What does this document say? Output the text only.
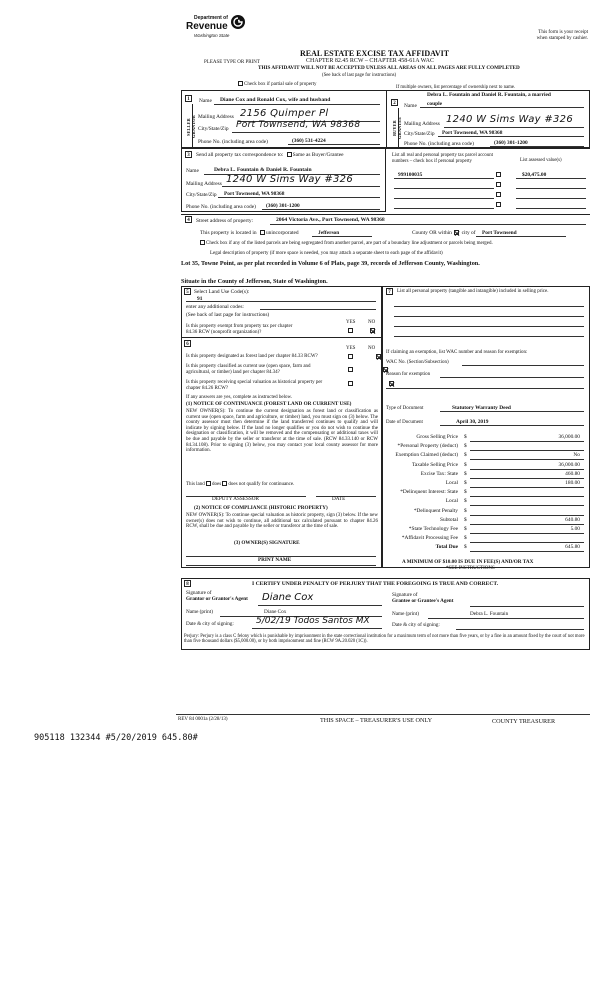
Department of
Revenue
Washington State
This form is your receipt
when stamped by cashier.
REAL ESTATE EXCISE TAX AFFIDAVIT
CHAPTER 82.45 RCW – CHAPTER 458-61A WAC
PLEASE TYPE OR PRINT
THIS AFFIDAVIT WILL NOT BE ACCEPTED UNLESS ALL AREAS ON ALL PAGES ARE FULLY COMPLETED
(See back of last page for instructions)
Check box if partial sale of property
If multiple owners, list percentage of ownership next to name.
1
SELLER GRANTOR
Name Diane Cox and Ronald Cox, wife and husband
Mailing Address 2156 Quimper Pl
City/State/Zip Port Townsend, WA 98368
Phone No. (including area code)	(360) 531-4224
2
BUYER GRANTEE
Name
Debra L. Fountain and Daniel R. Fountain, a married
couple
Mailing Address 1240 W Sims Way #326
City/State/Zip Port Townsend, WA 98368
Phone No. (including area code)	(360) 301-1200
3	Send all property tax correspondence to: Same as Buyer/Grantee
Name	Debra L. Fountain & Daniel R. Fountain
Mailing Address 1240 W Sims Way #326
City/State/Zip Port Townsend, WA 98368
Phone No. (including area code) (360) 301-1200
List all real and personal property tax parcel account
numbers – check box if personal property	List assessed value(s)
999100035	$20,475.00
4	Street address of property:	2064 Victoria Ave., Port Townsend, WA 98368
This property is located in unincorporated	Jefferson	County OR within city of Port Townsend
Check box if any of the listed parcels are being segregated from another parcel, are part of a boundary line adjustment or parcels being merged.
Legal description of property (if more space is needed, you may attach a separate sheet to each page of the affidavit)
Lot 35, Towne Point, as per plat recorded in Volume 6 of Plats, page 39, records of Jefferson County, Washington.
Situate in the County of Jefferson, State of Washington.
5 Select Land Use Code(s):
91
enter any additional codes:
(See back of last page for instructions)
YES	NO
Is this property exempt from property tax per chapter
84.36 RCW (nonprofit organization)?

6
YES	NO
Is this property designated as forest land per chapter 84.33 RCW?

Is this property classified as current use (open space, farm and agricultural, or timber) land per chapter 84.34?

Is this property receiving special valuation as historical property per chapter 84.26 RCW?
If any answers are yes, complete as instructed below.
(1) NOTICE OF CONTINUANCE (FOREST LAND OR CURRENT USE)
NEW OWNER(S): To continue the current designation as forest land or classification as current use (open space, farm and agriculture, or timber) land, you must sign on (3) below. The county assessor must then determine if the land transferred continues to qualify and will indicate by signing below. If the land no longer qualifies or you do not wish to continue the designation or classification, it will be removed and the compensating or additional taxes will be due and payable by the seller or transferor at the time of sale. (RCW 84.33.140 or RCW 84.34.108). Prior to signing (3) below, you may contact your local county assessor for more information.
This land does does not qualify for continuance.
DEPUTY ASSESSOR	DATE
(2) NOTICE OF COMPLIANCE (HISTORIC PROPERTY)
NEW OWNER(S): To continue special valuation as historic property, sign (3) below. If the new owner(s) does not wish to continue, all additional tax calculated pursuant to chapter 84.26 RCW, shall be due and payable by the seller or transferor at the time of sale.
(3) OWNER(S) SIGNATURE
PRINT NAME
7	List all personal property (tangible and intangible) included in selling price.
If claiming an exemption, list WAC number and reason for exemption:
WAC No. (Section/Subsection)
Reason for exemption
Type of Document	Statutory Warranty Deed
Date of Document	April 30, 2019
Gross Selling Price $	36,000.00
*Personal Property (deduct) $
Exemption Claimed (deduct) $	No
Taxable Selling Price $	36,000.00
Excise Tax: State $	460.80
Local $	180.00
*Delinquent Interest: State $
Local $
*Delinquent Penalty $
Subtotal $	640.80
*State Technology Fee $	5.00
*Affidavit Processing Fee $
Total Due $	645.80
A MINIMUM OF $10.00 IS DUE IN FEE(S) AND/OR TAX
*SEE INSTRUCTIONS
8	I CERTIFY UNDER PENALTY OF PERJURY THAT THE FOREGOING IS TRUE AND CORRECT.
Signature of
Grantor or Grantor's Agent Diane Cox
Name (print)	Diane Cox
Date & city of signing: 5/02/19 Todos Santos MX
Signature of
Grantee or Grantee's Agent
Name (print)	Debra L. Fountain
Date & city of signing:
Perjury: Perjury is a class C felony which is punishable by imprisonment in the state correctional institution for a maximum term of not more than five years, or by a fine in an amount fixed by the court of not more than five thousand dollars ($5,000.00), or by both imprisonment and fine (RCW 9A.20.020 (1C)).
REV 84 0001a (2/28/13)	THIS SPACE – TREASURER'S USE ONLY	COUNTY TREASURER
905118 132344 #5/20/2019 645.80#
